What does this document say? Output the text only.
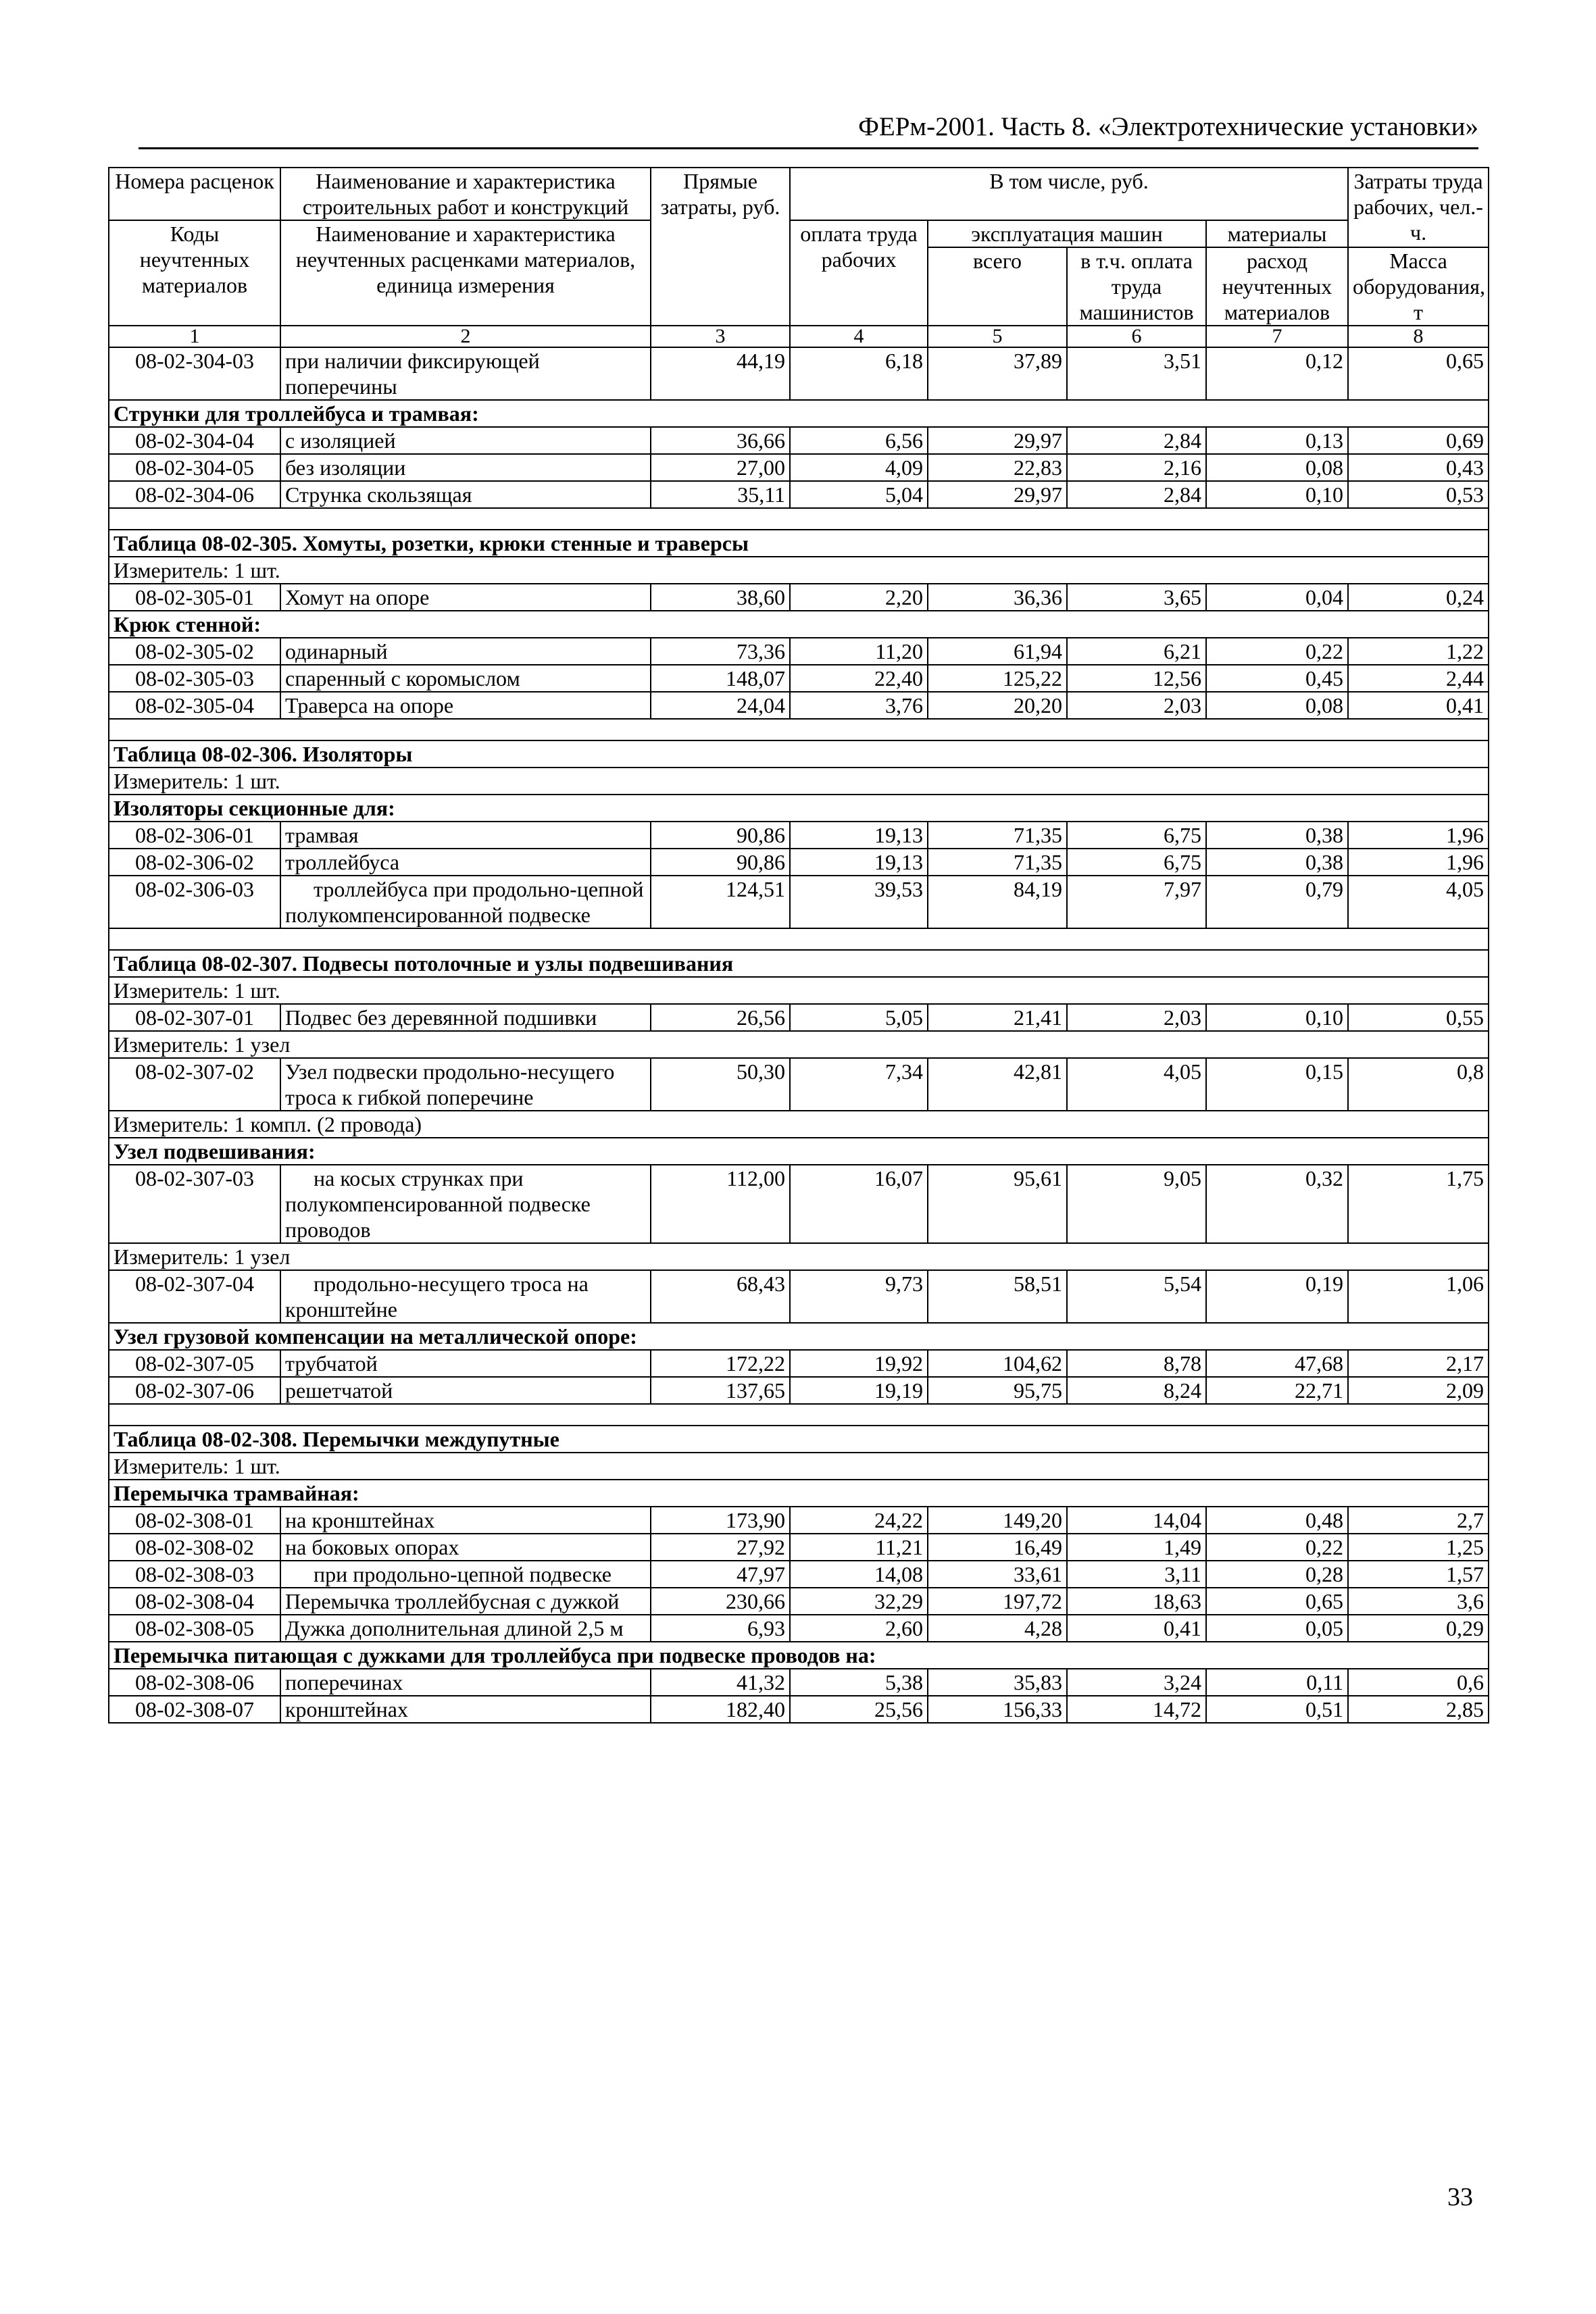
ФЕРм-2001. Часть 8. «Электротехнические установки»
Номера расценок	Наименование и характеристика строительных работ и конструкций	Прямые затраты, руб.	В том числе, руб.				Затраты труда рабочих, чел.-ч.
Коды неучтенных материалов	Наименование и характеристика неучтенных расценками материалов, единица измерения		оплата труда рабочих	эксплуатация машин		материалы	
				всего	в т.ч. оплата труда машинистов	расход неучтенных материалов	Масса оборудования, т
1	2	3	4	5	6	7	8
08-02-304-03	при наличии фиксирующей поперечины	44,19	6,18	37,89	3,51	0,12	0,65
Струнки для троллейбуса и трамвая:							
08-02-304-04	с изоляцией	36,66	6,56	29,97	2,84	0,13	0,69
08-02-304-05	без изоляции	27,00	4,09	22,83	2,16	0,08	0,43
08-02-304-06	Струнка скользящая	35,11	5,04	29,97	2,84	0,10	0,53

Таблица 08-02-305. Хомуты, розетки, крюки стенные и траверсы							
Измеритель: 1 шт.							
08-02-305-01	Хомут на опоре	38,60	2,20	36,36	3,65	0,04	0,24
Крюк стенной:							
08-02-305-02	одинарный	73,36	11,20	61,94	6,21	0,22	1,22
08-02-305-03	спаренный с коромыслом	148,07	22,40	125,22	12,56	0,45	2,44
08-02-305-04	Траверса на опоре	24,04	3,76	20,20	2,03	0,08	0,41

Таблица 08-02-306. Изоляторы							
Измеритель: 1 шт.							
Изоляторы секционные для:							
08-02-306-01	трамвая	90,86	19,13	71,35	6,75	0,38	1,96
08-02-306-02	троллейбуса	90,86	19,13	71,35	6,75	0,38	1,96
08-02-306-03	троллейбуса при продольно-цепной полукомпенсированной подвеске	124,51	39,53	84,19	7,97	0,79	4,05

Таблица 08-02-307. Подвесы потолочные и узлы подвешивания							
Измеритель: 1 шт.							
08-02-307-01	Подвес без деревянной подшивки	26,56	5,05	21,41	2,03	0,10	0,55
Измеритель: 1 узел							
08-02-307-02	Узел подвески продольно-несущего троса к гибкой поперечине	50,30	7,34	42,81	4,05	0,15	0,8
Измеритель: 1 компл. (2 провода)							
Узел подвешивания:							
08-02-307-03	на косых струнках при полукомпенсированной подвеске проводов	112,00	16,07	95,61	9,05	0,32	1,75
Измеритель: 1 узел							
08-02-307-04	продольно-несущего троса на кронштейне	68,43	9,73	58,51	5,54	0,19	1,06
Узел грузовой компенсации на металлической опоре:							
08-02-307-05	трубчатой	172,22	19,92	104,62	8,78	47,68	2,17
08-02-307-06	решетчатой	137,65	19,19	95,75	8,24	22,71	2,09

Таблица 08-02-308. Перемычки междупутные							
Измеритель: 1 шт.							
Перемычка трамвайная:							
08-02-308-01	на кронштейнах	173,90	24,22	149,20	14,04	0,48	2,7
08-02-308-02	на боковых опорах	27,92	11,21	16,49	1,49	0,22	1,25
08-02-308-03	при продольно-цепной подвеске	47,97	14,08	33,61	3,11	0,28	1,57
08-02-308-04	Перемычка троллейбусная с дужкой	230,66	32,29	197,72	18,63	0,65	3,6
08-02-308-05	Дужка дополнительная длиной 2,5 м	6,93	2,60	4,28	0,41	0,05	0,29
Перемычка питающая с дужками для троллейбуса при подвеске проводов на:							
08-02-308-06	поперечинах	41,32	5,38	35,83	3,24	0,11	0,6
08-02-308-07	кронштейнах	182,40	25,56	156,33	14,72	0,51	2,85
33
